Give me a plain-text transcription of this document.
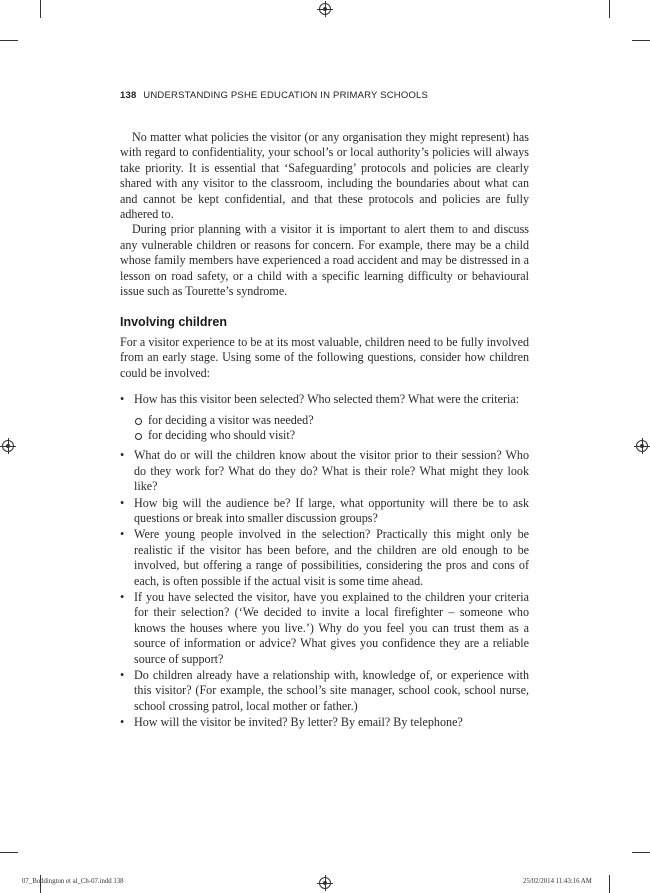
138 UNDERSTANDING PSHE EDUCATION IN PRIMARY SCHOOLS

No matter what policies the visitor (or any organisation they might represent) has with regard to confidentiality, your school’s or local authority’s policies will always take priority. It is essential that ‘Safeguarding’ protocols and policies are clearly shared with any visitor to the classroom, including the boundaries about what can and cannot be kept confidential, and that these protocols and policies are fully adhered to.

During prior planning with a visitor it is important to alert them to and discuss any vulnerable children or reasons for concern. For example, there may be a child whose family members have experienced a road accident and may be distressed in a lesson on road safety, or a child with a specific learning difficulty or behavioural issue such as Tourette’s syndrome.

Involving children

For a visitor experience to be at its most valuable, children need to be fully involved from an early stage. Using some of the following questions, consider how children could be involved:

• How has this visitor been selected? Who selected them? What were the criteria:
for deciding a visitor was needed?
for deciding who should visit?
• What do or will the children know about the visitor prior to their session? Who do they work for? What do they do? What is their role? What might they look like?
• How big will the audience be? If large, what opportunity will there be to ask questions or break into smaller discussion groups?
• Were young people involved in the selection? Practically this might only be realistic if the visitor has been before, and the children are old enough to be involved, but offering a range of possibilities, considering the pros and cons of each, is often possible if the actual visit is some time ahead.
• If you have selected the visitor, have you explained to the children your criteria for their selection? (‘We decided to invite a local firefighter – someone who knows the houses where you live.’) Why do you feel you can trust them as a source of information or advice? What gives you confidence they are a reliable source of support?
• Do children already have a relationship with, knowledge of, or experience with this visitor? (For example, the school’s site manager, school cook, school nurse, school crossing patrol, local mother or father.)
• How will the visitor be invited? By letter? By email? By telephone?
07_Boddington et al_Ch-07.indd 138	25/02/2014 11:43:16 AM
